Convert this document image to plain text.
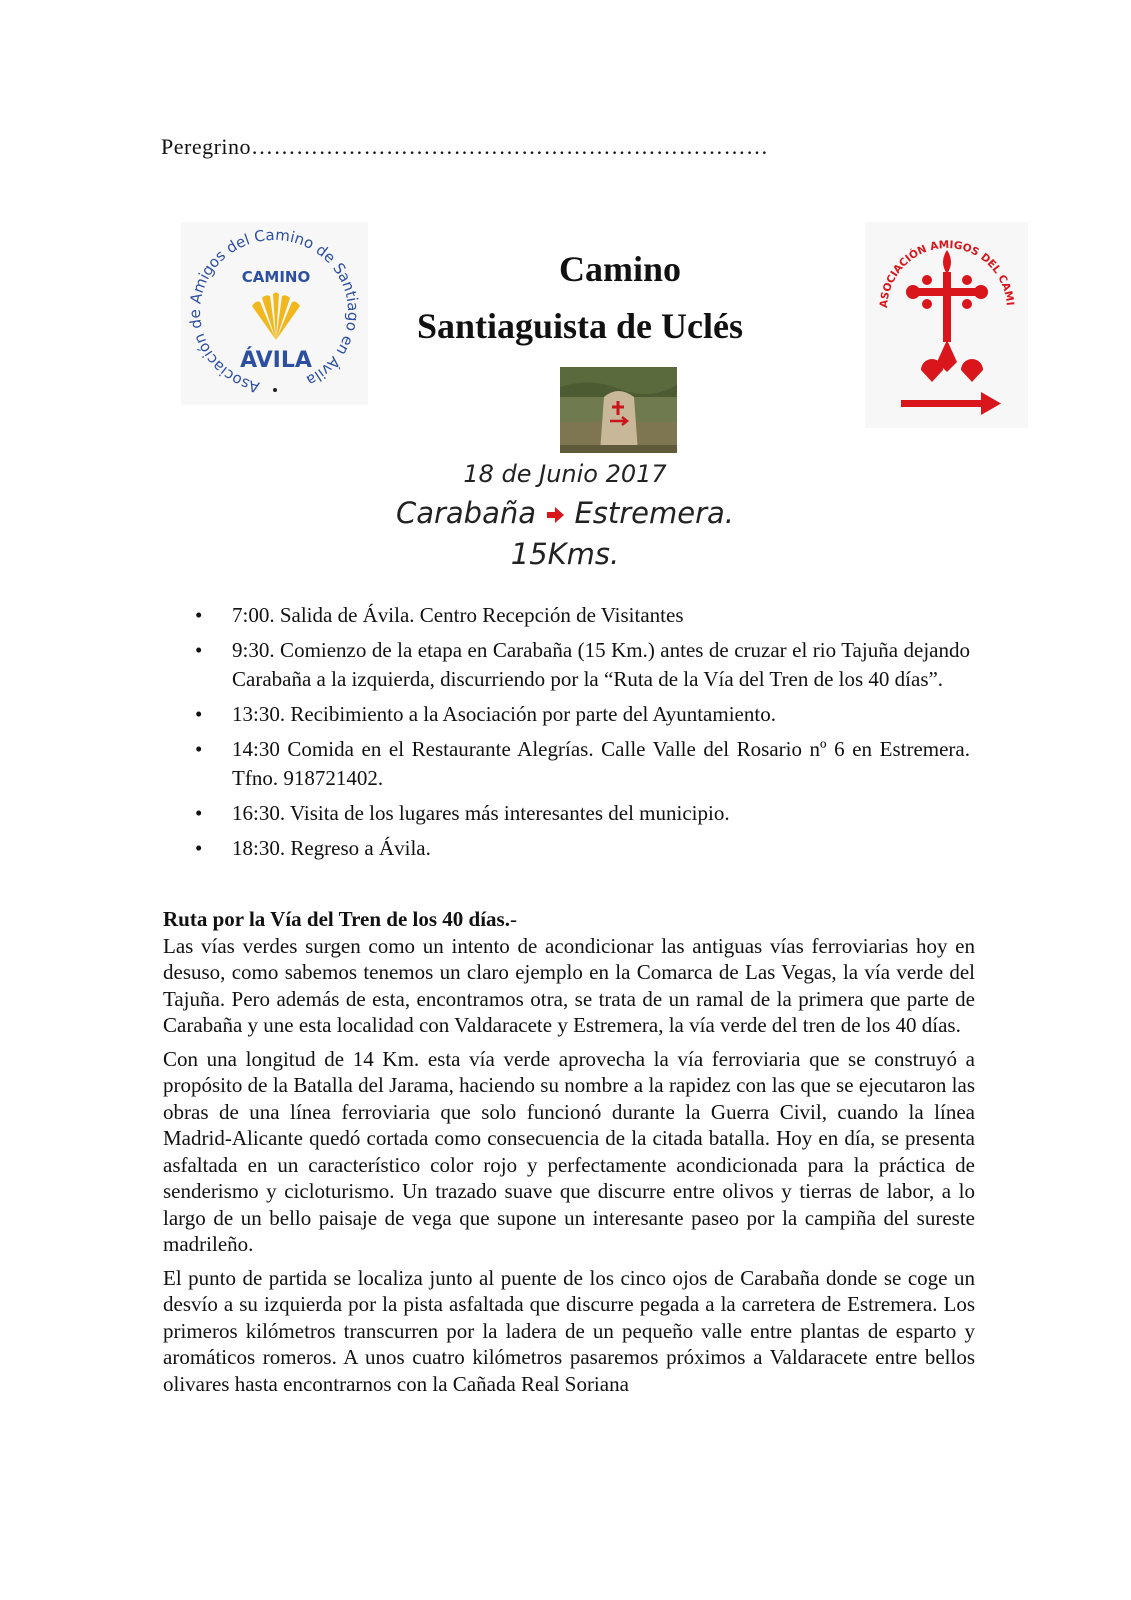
Peregrino……………………………………………………………
Asociación de Amigos del Camino de Santiago en Ávila
CAMINO
ÁVILA
ASOCIACIÓN AMIGOS DEL CAMI
Camino
Santiaguista de Uclés
18 de Junio 2017
Carabaña Estremera.
15Kms.
• 7:00. Salida de Ávila. Centro Recepción de Visitantes
• 9:30. Comienzo de la etapa en Carabaña (15 Km.) antes de cruzar el rio Tajuña dejando Carabaña a la izquierda, discurriendo por la “Ruta de la Vía del Tren de los 40 días”.
• 13:30. Recibimiento a la Asociación por parte del Ayuntamiento.
• 14:30 Comida en el Restaurante Alegrías. Calle Valle del Rosario nº 6 en Estremera. Tfno. 918721402.
• 16:30. Visita de los lugares más interesantes del municipio.
• 18:30. Regreso a Ávila.
Ruta por la Vía del Tren de los 40 días.-

Las vías verdes surgen como un intento de acondicionar las antiguas vías ferroviarias hoy en desuso, como sabemos tenemos un claro ejemplo en la Comarca de Las Vegas, la vía verde del Tajuña. Pero además de esta, encontramos otra, se trata de un ramal de la primera que parte de Carabaña y une esta localidad con Valdaracete y Estremera, la vía verde del tren de los 40 días.

Con una longitud de 14 Km. esta vía verde aprovecha la vía ferroviaria que se construyó a propósito de la Batalla del Jarama, haciendo su nombre a la rapidez con las que se ejecutaron las obras de una línea ferroviaria que solo funcionó durante la Guerra Civil, cuando la línea Madrid-Alicante quedó cortada como consecuencia de la citada batalla. Hoy en día, se presenta asfaltada en un característico color rojo y perfectamente acondicionada para la práctica de senderismo y cicloturismo. Un trazado suave que discurre entre olivos y tierras de labor, a lo largo de un bello paisaje de vega que supone un interesante paseo por la campiña del sureste madrileño.

El punto de partida se localiza junto al puente de los cinco ojos de Carabaña donde se coge un desvío a su izquierda por la pista asfaltada que discurre pegada a la carretera de Estremera. Los primeros kilómetros transcurren por la ladera de un pequeño valle entre plantas de esparto y aromáticos romeros. A unos cuatro kilómetros pasaremos próximos a Valdaracete entre bellos olivares hasta encontrarnos con la Cañada Real Soriana
